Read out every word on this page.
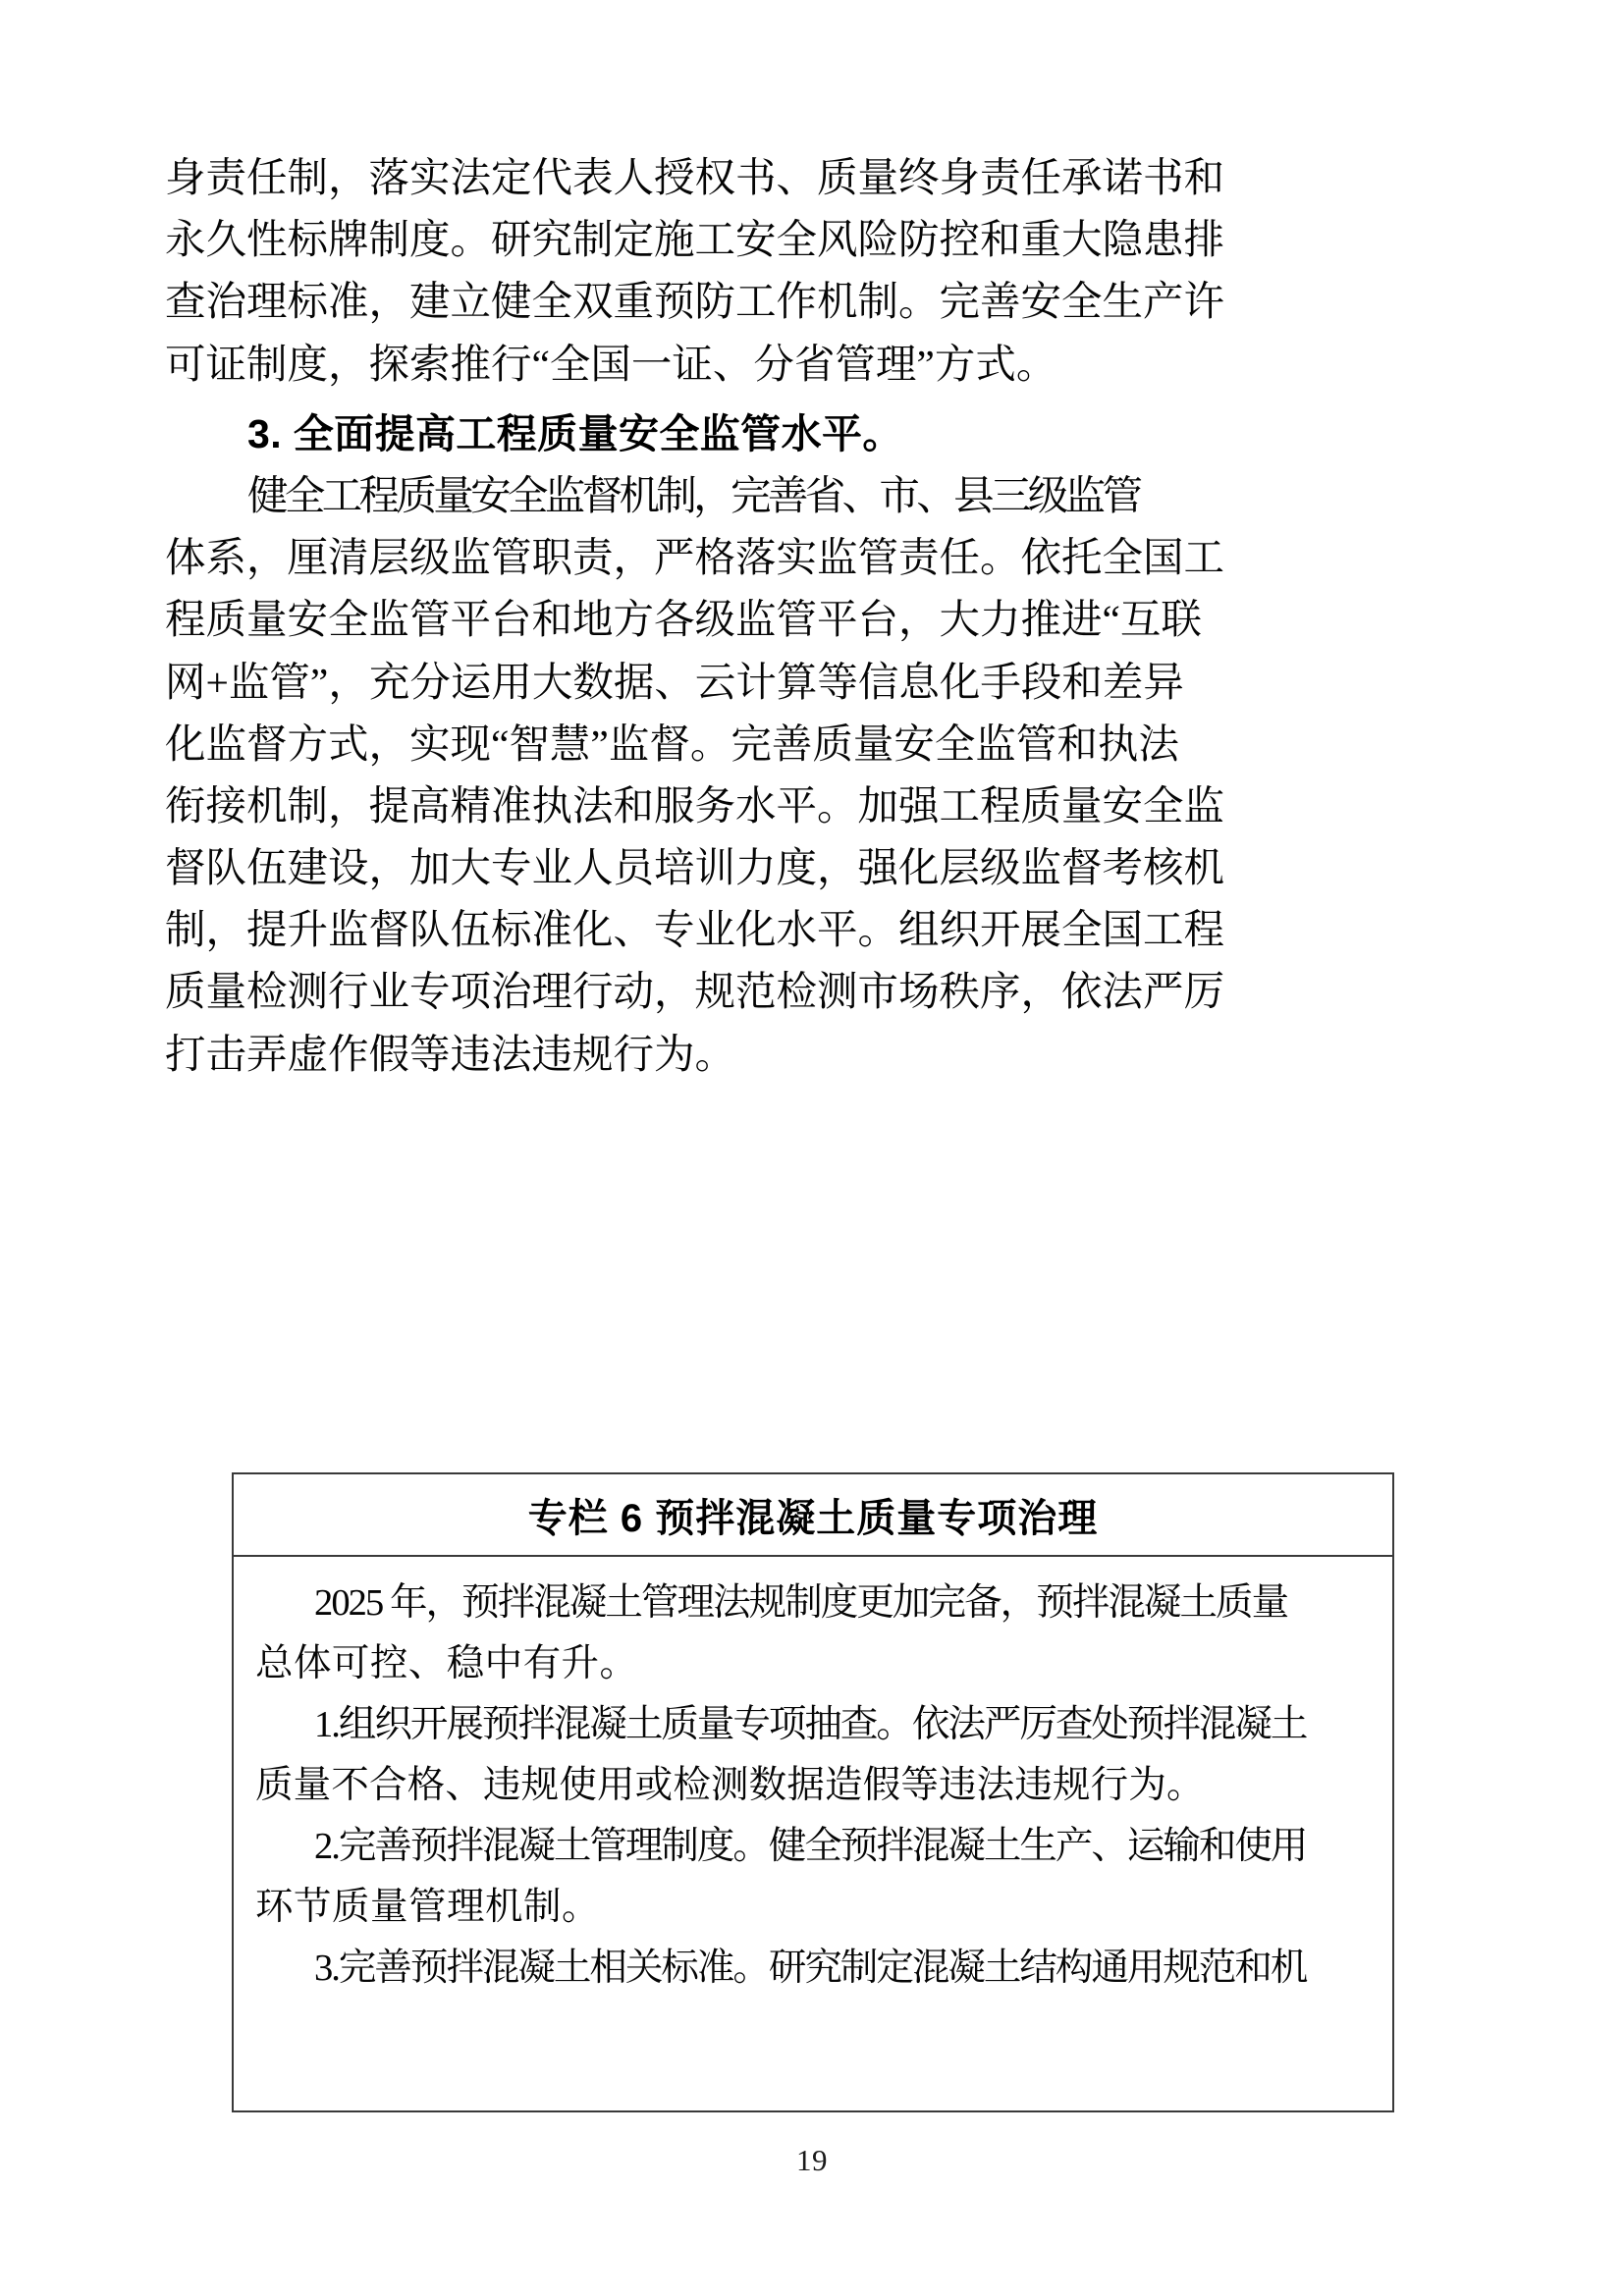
身责任制，落实法定代表人授权书、质量终身责任承诺书和
永久性标牌制度。研究制定施工安全风险防控和重大隐患排
查治理标准，建立健全双重预防工作机制。完善安全生产许
可证制度，探索推行“全国一证、分省管理”方式。
3. 全面提高工程质量安全监管水平。
健全工程质量安全监督机制，完善省、市、县三级监管
体系，厘清层级监管职责，严格落实监管责任。依托全国工
程质量安全监管平台和地方各级监管平台，大力推进“互联
网+监管”，充分运用大数据、云计算等信息化手段和差异
化监督方式，实现“智慧”监督。完善质量安全监管和执法
衔接机制，提高精准执法和服务水平。加强工程质量安全监
督队伍建设，加大专业人员培训力度，强化层级监督考核机
制，提升监督队伍标准化、专业化水平。组织开展全国工程
质量检测行业专项治理行动，规范检测市场秩序，依法严厉
打击弄虚作假等违法违规行为。
专栏 6 预拌混凝土质量专项治理
2025 年，预拌混凝土管理法规制度更加完备，预拌混凝土质量
总体可控、稳中有升。
1.组织开展预拌混凝土质量专项抽查。依法严厉查处预拌混凝土
质量不合格、违规使用或检测数据造假等违法违规行为。
2.完善预拌混凝土管理制度。健全预拌混凝土生产、运输和使用
环节质量管理机制。
3.完善预拌混凝土相关标准。研究制定混凝土结构通用规范和机
19
